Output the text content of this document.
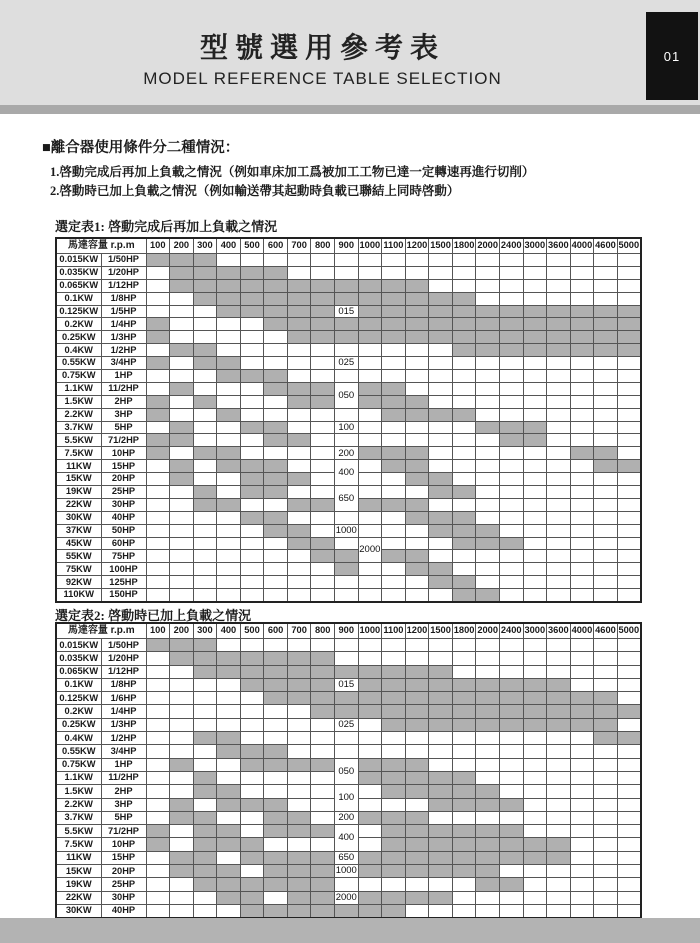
型號選用參考表
MODEL REFERENCE TABLE SELECTION
01
■離合器使用條件分二種情況：
1.啓動完成后再加上負載之情況（例如車床加工爲被加工工物已達一定轉速再進行切削）
2.啓動時已加上負載之情況（例如輸送帶其起動時負載已聯結上同時啓動）
選定表1: 啓動完成后再加上負載之情況
馬達容量 r.p.m		100	200	300	400	500	600	700	800	900	1000	1100	1200	1500	1800	2000	2400	3000	3600	4000	4600	5000
0.015KW	1/50HP																					
0.035KW	1/20HP																					
0.065KW	1/12HP																					
0.1KW	1/8HP																					
0.125KW	1/5HP									015												
0.2KW	1/4HP																					
0.25KW	1/3HP																					
0.4KW	1/2HP																					
0.55KW	3/4HP									025												
0.75KW	1HP																					
1.1KW	11/2HP									050												
1.5KW	2HP																					
2.2KW	3HP																					
3.7KW	5HP									100												
5.5KW	71/2HP																					
7.5KW	10HP									200												
11KW	15HP									400												
15KW	20HP																					
19KW	25HP									650												
22KW	30HP																					
30KW	40HP																					
37KW	50HP									1000												
45KW	60HP										2000											
55KW	75HP																					
75KW	100HP																					
92KW	125HP																					
110KW	150HP																					
選定表2: 啓動時已加上負載之情況
馬達容量 r.p.m		100	200	300	400	500	600	700	800	900	1000	1100	1200	1500	1800	2000	2400	3000	3600	4000	4600	5000
0.015KW	1/50HP																					
0.035KW	1/20HP																					
0.065KW	1/12HP																					
0.1KW	1/8HP									015												
0.125KW	1/6HP																					
0.2KW	1/4HP																					
0.25KW	1/3HP									025												
0.4KW	1/2HP																					
0.55KW	3/4HP																					
0.75KW	1HP									050												
1.1KW	11/2HP																					
1.5KW	2HP									100												
2.2KW	3HP																					
3.7KW	5HP									200												
5.5KW	71/2HP									400												
7.5KW	10HP																					
11KW	15HP									650												
15KW	20HP									1000												
19KW	25HP																					
22KW	30HP									2000												
30KW	40HP																					
